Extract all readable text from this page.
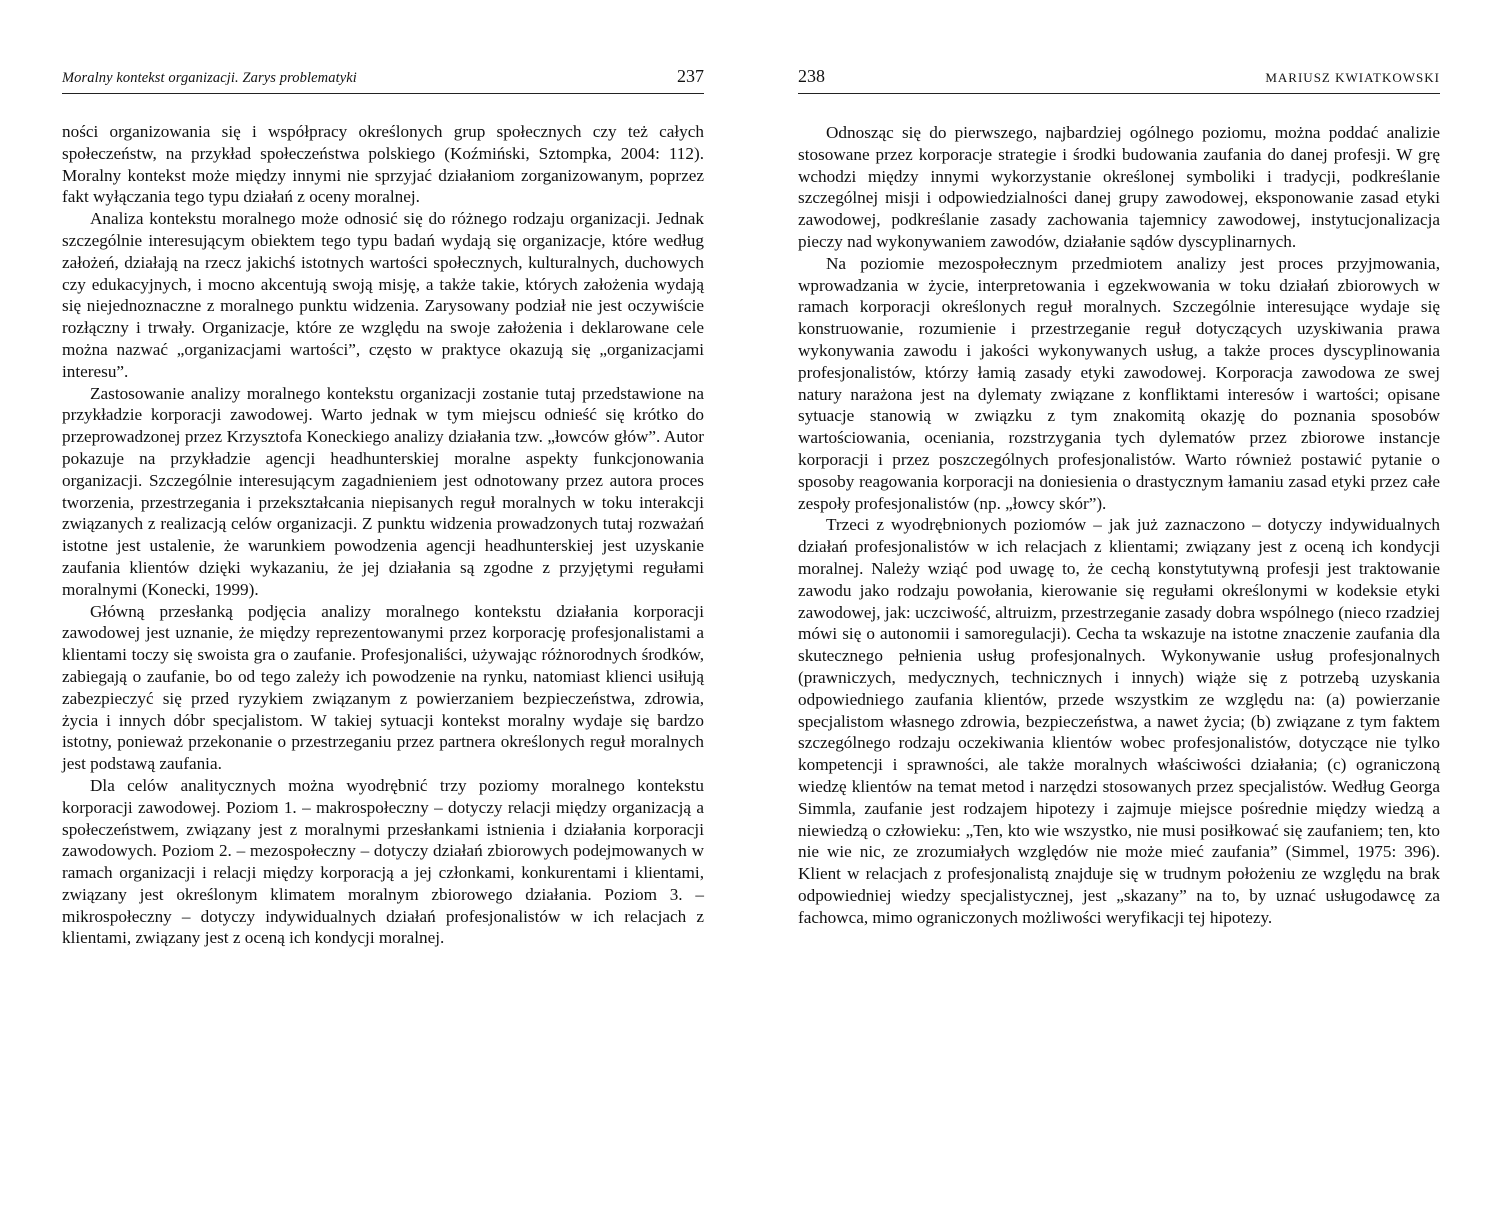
Moralny kontekst organizacji. Zarys problematyki	237

ności organizowania się i współpracy określonych grup społecznych czy też całych społeczeństw, na przykład społeczeństwa polskiego (Koźmiński, Sztompka, 2004: 112). Moralny kontekst może między innymi nie sprzyjać działaniom zorganizowanym, poprzez fakt wyłączania tego typu działań z oceny moralnej.

Analiza kontekstu moralnego może odnosić się do różnego rodzaju organizacji. Jednak szczególnie interesującym obiektem tego typu badań wydają się organizacje, które według założeń, działają na rzecz jakichś istotnych wartości społecznych, kulturalnych, duchowych czy edukacyjnych, i mocno akcentują swoją misję, a także takie, których założenia wydają się niejednoznaczne z moralnego punktu widzenia. Zarysowany podział nie jest oczywiście rozłączny i trwały. Organizacje, które ze względu na swoje założenia i deklarowane cele można nazwać „organizacjami wartości”, często w praktyce okazują się „organizacjami interesu”.

Zastosowanie analizy moralnego kontekstu organizacji zostanie tutaj przedstawione na przykładzie korporacji zawodowej. Warto jednak w tym miejscu odnieść się krótko do przeprowadzonej przez Krzysztofa Koneckiego analizy działania tzw. „łowców głów”. Autor pokazuje na przykładzie agencji headhunterskiej moralne aspekty funkcjonowania organizacji. Szczególnie interesującym zagadnieniem jest odnotowany przez autora proces tworzenia, przestrzegania i przekształcania niepisanych reguł moralnych w toku interakcji związanych z realizacją celów organizacji. Z punktu widzenia prowadzonych tutaj rozważań istotne jest ustalenie, że warunkiem powodzenia agencji headhunterskiej jest uzyskanie zaufania klientów dzięki wykazaniu, że jej działania są zgodne z przyjętymi regułami moralnymi (Konecki, 1999).

Główną przesłanką podjęcia analizy moralnego kontekstu działania korporacji zawodowej jest uznanie, że między reprezentowanymi przez korporację profesjonalistami a klientami toczy się swoista gra o zaufanie. Profesjonaliści, używając różnorodnych środków, zabiegają o zaufanie, bo od tego zależy ich powodzenie na rynku, natomiast klienci usiłują zabezpieczyć się przed ryzykiem związanym z powierzaniem bezpieczeństwa, zdrowia, życia i innych dóbr specjalistom. W takiej sytuacji kontekst moralny wydaje się bardzo istotny, ponieważ przekonanie o przestrzeganiu przez partnera określonych reguł moralnych jest podstawą zaufania.

Dla celów analitycznych można wyodrębnić trzy poziomy moralnego kontekstu korporacji zawodowej. Poziom 1. – makrospołeczny – dotyczy relacji między organizacją a społeczeństwem, związany jest z moralnymi przesłankami istnienia i działania korporacji zawodowych. Poziom 2. – mezospołeczny – dotyczy działań zbiorowych podejmowanych w ramach organizacji i relacji między korporacją a jej członkami, konkurentami i klientami, związany jest określonym klimatem moralnym zbiorowego działania. Poziom 3. – mikrospołeczny – dotyczy indywidualnych działań profesjonalistów w ich relacjach z klientami, związany jest z oceną ich kondycji moralnej.

238	MARIUSZ KWIATKOWSKI

Odnosząc się do pierwszego, najbardziej ogólnego poziomu, można poddać analizie stosowane przez korporacje strategie i środki budowania zaufania do danej profesji. W grę wchodzi między innymi wykorzystanie określonej symboliki i tradycji, podkreślanie szczególnej misji i odpowiedzialności danej grupy zawodowej, eksponowanie zasad etyki zawodowej, podkreślanie zasady zachowania tajemnicy zawodowej, instytucjonalizacja pieczy nad wykonywaniem zawodów, działanie sądów dyscyplinarnych.

Na poziomie mezospołecznym przedmiotem analizy jest proces przyjmowania, wprowadzania w życie, interpretowania i egzekwowania w toku działań zbiorowych w ramach korporacji określonych reguł moralnych. Szczególnie interesujące wydaje się konstruowanie, rozumienie i przestrzeganie reguł dotyczących uzyskiwania prawa wykonywania zawodu i jakości wykonywanych usług, a także proces dyscyplinowania profesjonalistów, którzy łamią zasady etyki zawodowej. Korporacja zawodowa ze swej natury narażona jest na dylematy związane z konfliktami interesów i wartości; opisane sytuacje stanowią w związku z tym znakomitą okazję do poznania sposobów wartościowania, oceniania, rozstrzygania tych dylematów przez zbiorowe instancje korporacji i przez poszczególnych profesjonalistów. Warto również postawić pytanie o sposoby reagowania korporacji na doniesienia o drastycznym łamaniu zasad etyki przez całe zespoły profesjonalistów (np. „łowcy skór”).

Trzeci z wyodrębnionych poziomów – jak już zaznaczono – dotyczy indywidualnych działań profesjonalistów w ich relacjach z klientami; związany jest z oceną ich kondycji moralnej. Należy wziąć pod uwagę to, że cechą konstytutywną profesji jest traktowanie zawodu jako rodzaju powołania, kierowanie się regułami określonymi w kodeksie etyki zawodowej, jak: uczciwość, altruizm, przestrzeganie zasady dobra wspólnego (nieco rzadziej mówi się o autonomii i samoregulacji). Cecha ta wskazuje na istotne znaczenie zaufania dla skutecznego pełnienia usług profesjonalnych. Wykonywanie usług profesjonalnych (prawniczych, medycznych, technicznych i innych) wiąże się z potrzebą uzyskania odpowiedniego zaufania klientów, przede wszystkim ze względu na: (a) powierzanie specjalistom własnego zdrowia, bezpieczeństwa, a nawet życia; (b) związane z tym faktem szczególnego rodzaju oczekiwania klientów wobec profesjonalistów, dotyczące nie tylko kompetencji i sprawności, ale także moralnych właściwości działania; (c) ograniczoną wiedzę klientów na temat metod i narzędzi stosowanych przez specjalistów. Według Georga Simmla, zaufanie jest rodzajem hipotezy i zajmuje miejsce pośrednie między wiedzą a niewiedzą o człowieku: „Ten, kto wie wszystko, nie musi posiłkować się zaufaniem; ten, kto nie wie nic, ze zrozumiałych względów nie może mieć zaufania” (Simmel, 1975: 396). Klient w relacjach z profesjonalistą znajduje się w trudnym położeniu ze względu na brak odpowiedniej wiedzy specjalistycznej, jest „skazany” na to, by uznać usługodawcę za fachowca, mimo ograniczonych możliwości weryfikacji tej hipotezy.
